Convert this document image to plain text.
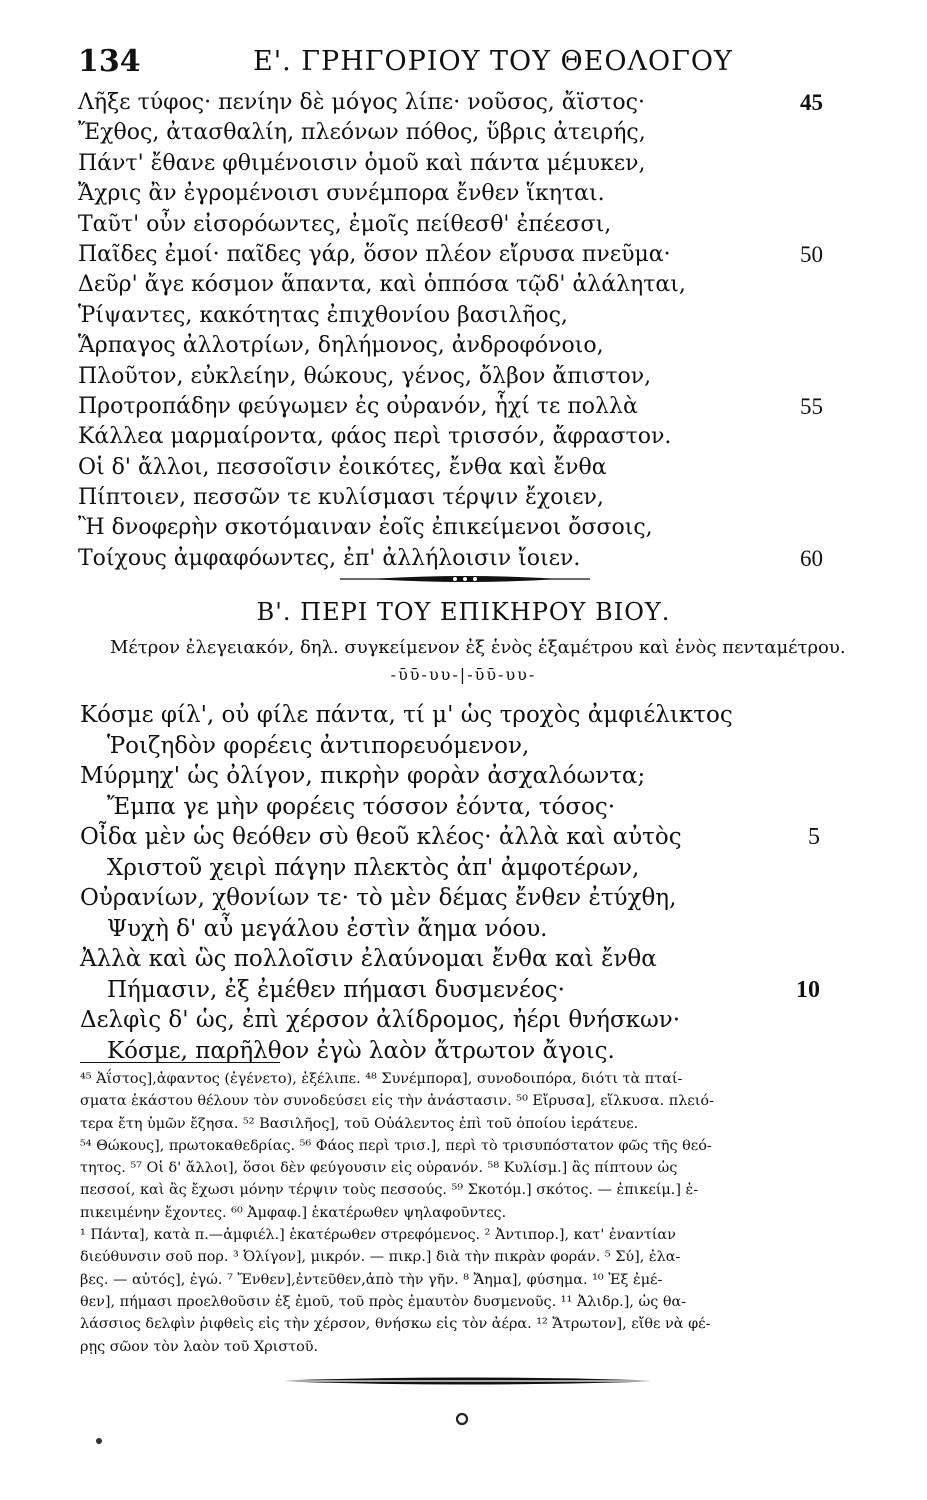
134	Ε'. ΓΡΗΓΟΡΙΟΥ ΤΟΥ ΘΕΟΛΟΓΟΥ
Λῆξε τύφος· πενίην δὲ μόγος λίπε· νοῦσος, ἄϊστος·	45
Ἔχθος, ἀτασθαλίη, πλεόνων πόθος, ὕβρις ἀτειρής,
Πάντ' ἔθανε φθιμένοισιν ὁμοῦ καὶ πάντα μέμυκεν,
Ἄχρις ἂν ἐγρομένοισι συνέμπορα ἔνθεν ἵκηται.
Ταῦτ' οὖν εἰσορόωντες, ἐμοῖς πείθεσθ' ἐπέεσσι,
Παῖδες ἐμοί· παῖδες γάρ, ὅσον πλέον εἴρυσα πνεῦμα·	50
Δεῦρ' ἄγε κόσμον ἅπαντα, καὶ ὁππόσα τῷδ' ἀλάληται,
Ῥίψαντες, κακότητας ἐπιχθονίου βασιλῆος,
Ἅρπαγος ἀλλοτρίων, δηλήμονος, ἀνδροφόνοιο,
Πλοῦτον, εὐκλείην, θώκους, γένος, ὄλβον ἄπιστον,
Προτροπάδην φεύγωμεν ἐς οὐρανόν, ἧχί τε πολλὰ	55
Κάλλεα μαρμαίροντα, φάος περὶ τρισσόν, ἄφραστον.
Οἱ δ' ἄλλοι, πεσσοῖσιν ἐοικότες, ἔνθα καὶ ἔνθα
Πίπτοιεν, πεσσῶν τε κυλίσμασι τέρψιν ἔχοιεν,
Ἢ δνοφερὴν σκοτόμαιναν ἐοῖς ἐπικείμενοι ὄσσοις,
Τοίχους ἀμφαφόωντες, ἐπ' ἀλλήλοισιν ἴοιεν.	60
Β'. ΠΕΡΙ ΤΟΥ ΕΠΙΚΗΡΟΥ ΒΙΟΥ.
Μέτρον ἐλεγειακόν, δηλ. συγκείμενον ἐξ ἑνὸς ἑξαμέτρου καὶ ἑνὸς πενταμέτρου.
-ῡῡ-υυ-|-ῡῡ-υυ-
Κόσμε φίλ', οὐ φίλε πάντα, τί μ' ὡς τροχὸς ἀμφιέλικτος
Ῥοιζηδὸν φορέεις ἀντιπορευόμενον,
Μύρμηχ' ὡς ὀλίγον, πικρὴν φορὰν ἀσχαλόωντα;
Ἔμπα γε μὴν φορέεις τόσσον ἐόντα, τόσος·
Οἶδα μὲν ὡς θεόθεν σὺ θεοῦ κλέος· ἀλλὰ καὶ αὐτὸς	5
Χριστοῦ χειρὶ πάγην πλεκτὸς ἀπ' ἀμφοτέρων,
Οὐρανίων, χθονίων τε· τὸ μὲν δέμας ἔνθεν ἐτύχθη,
Ψυχὴ δ' αὖ μεγάλου ἐστὶν ἄημα νόου.
Ἀλλὰ καὶ ὣς πολλοῖσιν ἐλαύνομαι ἔνθα καὶ ἔνθα
Πήμασιν, ἐξ ἐμέθεν πήμασι δυσμενέος·	10
Δελφὶς δ' ὡς, ἐπὶ χέρσον ἀλίδρομος, ἠέρι θνήσκων·
Κόσμε, παρῆλθον ἐγὼ λαὸν ἄτρωτον ἄγοις.
⁴⁵ Ἀΐστος],ἀφαντος (ἐγένετο), ἐξέλιπε. ⁴⁸ Συνέμπορα], συνοδοιπόρα, διότι τὰ πταί-
σματα ἑκάστου θέλουν τὸν συνοδεύσει εἰς τὴν ἀνάστασιν. ⁵⁰ Εἴρυσα], εἵλκυσα. πλειό-
τερα ἔτη ὑμῶν ἔζησα. ⁵² Βασιλῆος], τοῦ Οὐάλεντος ἐπὶ τοῦ ὁποίου ἱεράτευε.
⁵⁴ Θώκους], πρωτοκαθεδρίας. ⁵⁶ Φάος περὶ τρισ.], περὶ τὸ τρισυπόστατον φῶς τῆς θεό-
τητος. ⁵⁷ Οἱ δ' ἄλλοι], ὅσοι δὲν φεύγουσιν εἰς οὐρανόν. ⁵⁸ Κυλίσμ.] ἂς πίπτουν ὡς
πεσσοί, καὶ ἂς ἔχωσι μόνην τέρψιν τοὺς πεσσούς. ⁵⁹ Σκοτόμ.] σκότος. — ἐπικείμ.] ἐ-
πικειμένην ἔχοντες. ⁶⁰ Ἀμφαφ.] ἑκατέρωθεν ψηλαφοῦντες.
¹ Πάντα], κατὰ π.—ἀμφιέλ.] ἑκατέρωθεν στρεφόμενος. ² Ἀντιπορ.], κατ' ἐναντίαν
διεύθυνσιν σοῦ πορ. ³ Ὀλίγον], μικρόν. — πικρ.] διὰ τὴν πικρὰν φοράν. ⁵ Σύ], ἐλα-
βες. — αὐτός], ἐγώ. ⁷ Ἔνθεν],ἐντεῦθεν,ἀπὸ τὴν γῆν. ⁸ Ἄημα], φύσημα. ¹⁰ Ἐξ ἐμέ-
θεν], πήμασι προελθοῦσιν ἐξ ἐμοῦ, τοῦ πρὸς ἐμαυτὸν δυσμενοῦς. ¹¹ Ἀλιδρ.], ὡς θα-
λάσσιος δελφὶν ῥιφθεὶς εἰς τὴν χέρσον, θνήσκω εἰς τὸν ἀέρα. ¹² Ἄτρωτον], εἴθε νὰ φέ-
ρῃς σῶον τὸν λαὸν τοῦ Χριστοῦ.
